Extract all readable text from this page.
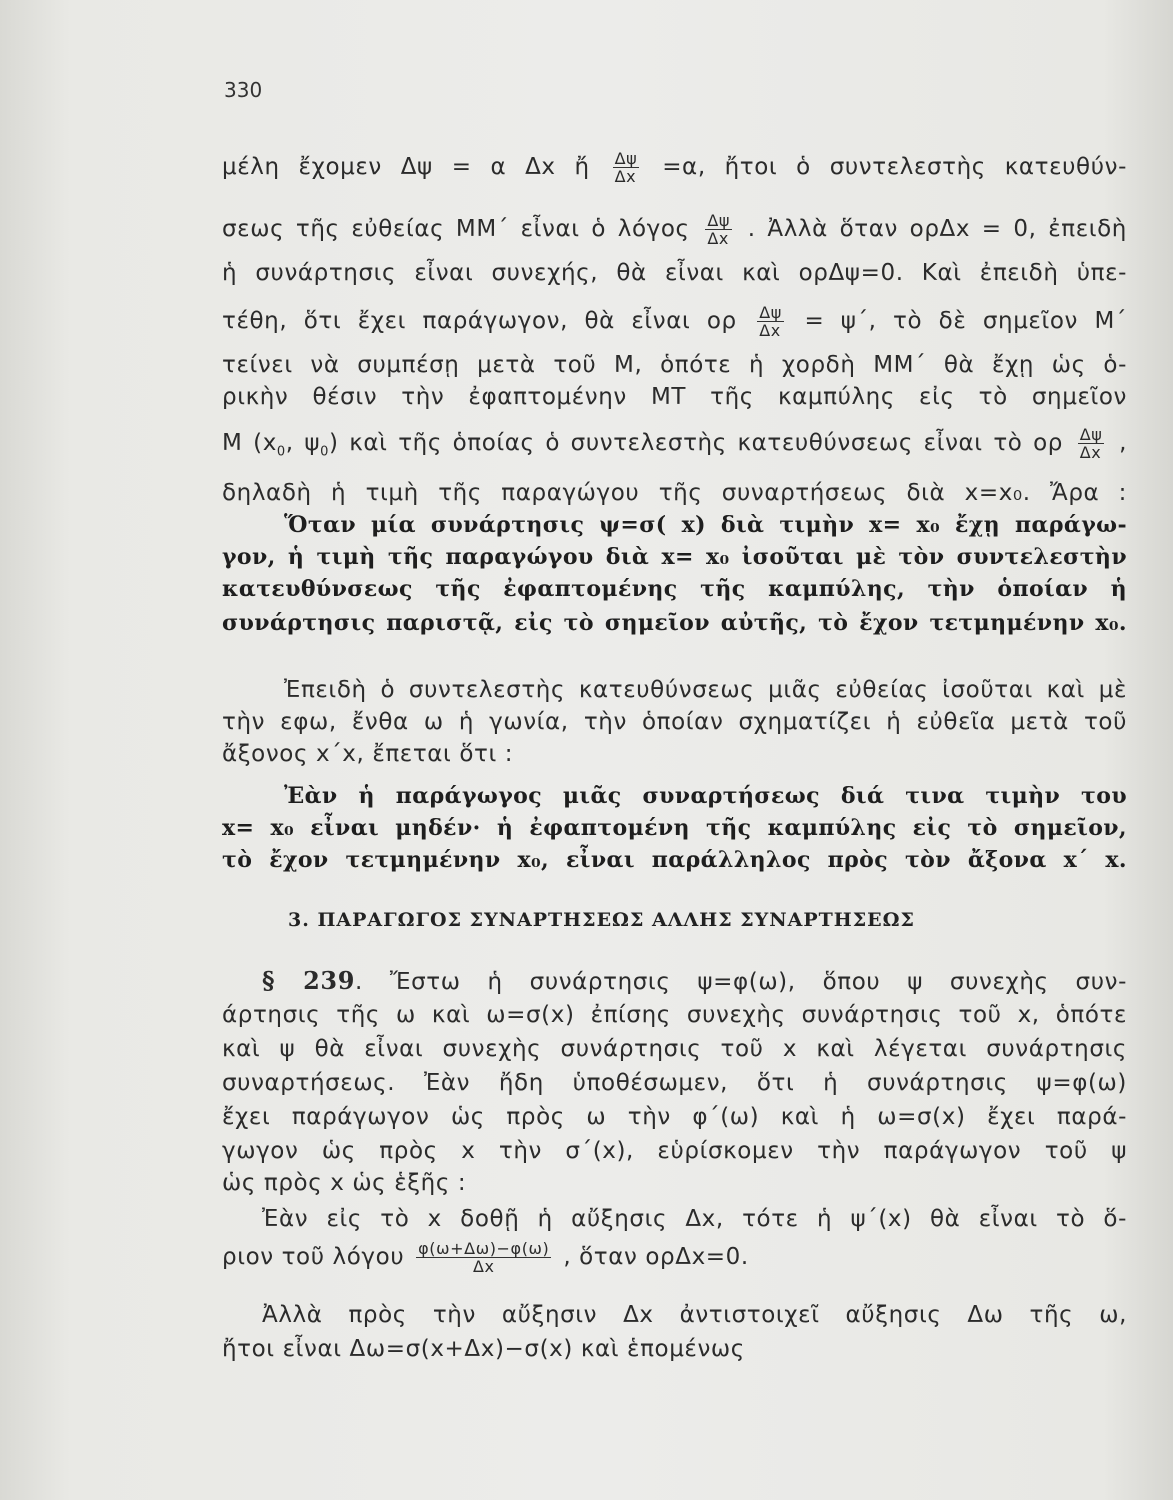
330
μέλη ἔχομεν Δψ = α Δx ἤ $\frac{\Delta\psi}{\Delta x} =\alpha$, ἤτοι ὁ συντελεστὴς κατευθύν-
σεως τῆς εὐθείας ΜΜ΄ εἶναι ὁ λόγος $\frac{\Delta\psi}{\Delta x}$ . Ἀλλὰ ὅταν ορΔx = 0, ἐπειδὴ
ἡ συνάρτησις εἶναι συνεχής, θὰ εἶναι καὶ ορΔψ=0. Καὶ ἐπειδὴ ὑπε-
τέθη, ὅτι ἔχει παράγωγον, θὰ εἶναι ορ $\frac{\Delta\psi}{\Delta x} = \psi΄$, τὸ δὲ σημεῖον Μ΄
τείνει νὰ συμπέσῃ μετὰ τοῦ Μ, ὁπότε ἡ χορδὴ ΜΜ΄ θὰ ἔχῃ ὡς ὁ-
ρικὴν θέσιν τὴν ἐφαπτομένην ΜΤ τῆς καμπύλης εἰς τὸ σημεῖον
Μ ($x_0$, $\psi_0$) καὶ τῆς ὁποίας ὁ συντελεστὴς κατευθύνσεως εἶναι τὸ ορ $\frac{\Delta\psi}{\Delta x}$ ,
δηλαδὴ ἡ τιμὴ τῆς παραγώγου τῆς συναρτήσεως διὰ x=x₀. Ἄρα :
Ὅταν μία συνάρτησις ψ=σ( x) διὰ τιμὴν x= x₀ ἔχῃ παράγω-
γον, ἡ τιμὴ τῆς παραγώγου διὰ x= x₀ ἰσοῦται μὲ τὸν συντελεστὴν
κατευθύνσεως τῆς ἐφαπτομένης τῆς καμπύλης, τὴν ὁποίαν ἡ
συνάρτησις παριστᾷ, εἰς τὸ σημεῖον αὐτῆς, τὸ ἔχον τετμημένην x₀.
Ἐπειδὴ ὁ συντελεστὴς κατευθύνσεως μιᾶς εὐθείας ἰσοῦται καὶ μὲ
τὴν εφω, ἔνθα ω ἡ γωνία, τὴν ὁποίαν σχηματίζει ἡ εὐθεῖα μετὰ τοῦ
ἄξονος x΄x, ἔπεται ὅτι :
Ἐὰν ἡ παράγωγος μιᾶς συναρτήσεως διά τινα τιμὴν του
x= x₀ εἶναι μηδέν· ἡ ἐφαπτομένη τῆς καμπύλης εἰς τὸ σημεῖον,
τὸ ἔχον τετμημένην x₀, εἶναι παράλληλος πρὸς τὸν ἄξονα x΄ x.
3. ΠΑΡΑΓΩΓΟΣ ΣΥΝΑΡΤΗΣΕΩΣ ΑΛΛΗΣ ΣΥΝΑΡΤΗΣΕΩΣ
§ 239. Ἔστω ἡ συνάρτησις ψ=φ(ω), ὅπου ψ συνεχὴς συν-
άρτησις τῆς ω καὶ ω=σ(x) ἐπίσης συνεχὴς συνάρτησις τοῦ x, ὁπότε
καὶ ψ θὰ εἶναι συνεχὴς συνάρτησις τοῦ x καὶ λέγεται συνάρτησις
συναρτήσεως. Ἐὰν ἤδη ὑποθέσωμεν, ὅτι ἡ συνάρτησις ψ=φ(ω)
ἔχει παράγωγον ὡς πρὸς ω τὴν φ΄(ω) καὶ ἡ ω=σ(x) ἔχει παρά-
γωγον ὡς πρὸς x τὴν σ΄(x), εὑρίσκομεν τὴν παράγωγον τοῦ ψ
ὡς πρὸς x ὡς ἑξῆς :
Ἐὰν εἰς τὸ x δοθῇ ἡ αὔξησις Δx, τότε ἡ ψ΄(x) θὰ εἶναι τὸ ὅ-
ριον τοῦ λόγου $\frac{\varphi(\omega+\Delta\omega)-\varphi(\omega)}{\Delta x}$ , ὅταν ορΔx=0.
Ἀλλὰ πρὸς τὴν αὔξησιν Δx ἀντιστοιχεῖ αὔξησις Δω τῆς ω,
ἤτοι εἶναι Δω=σ(x+Δx)−σ(x) καὶ ἑπομένως
